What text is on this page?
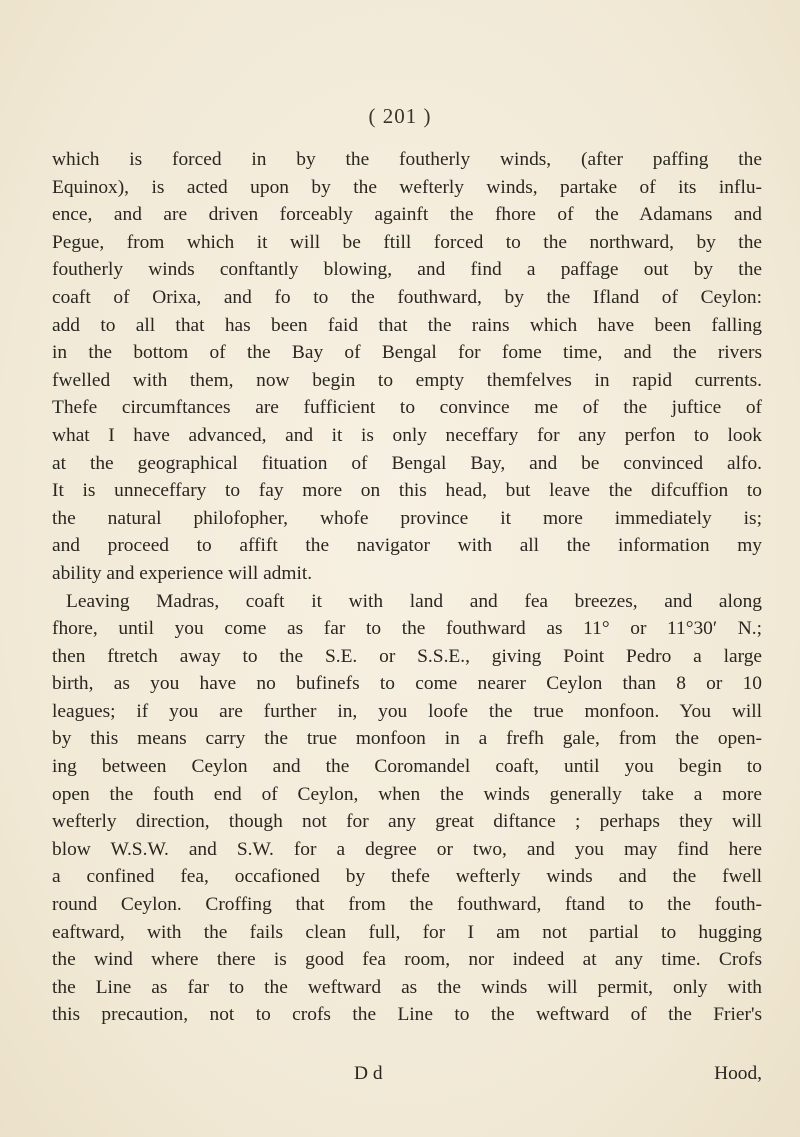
( 201 )
which is forced in by the foutherly winds, (after paffing the
Equinox), is acted upon by the wefterly winds, partake of its influ-
ence, and are driven forceably againft the fhore of the Adamans and
Pegue, from which it will be ftill forced to the northward, by the
foutherly winds conftantly blowing, and find a paffage out by the
coaft of Orixa, and fo to the fouthward, by the Ifland of Ceylon:
add to all that has been faid that the rains which have been falling
in the bottom of the Bay of Bengal for fome time, and the rivers
fwelled with them, now begin to empty themfelves in rapid currents.
Thefe circumftances are fufficient to convince me of the juftice of
what I have advanced, and it is only neceffary for any perfon to look
at the geographical fituation of Bengal Bay, and be convinced alfo.
It is unneceffary to fay more on this head, but leave the difcuffion to
the natural philofopher, whofe province it more immediately is;
and proceed to affift the navigator with all the information my
ability and experience will admit.
Leaving Madras, coaft it with land and fea breezes, and along
fhore, until you come as far to the fouthward as 11° or 11°30′ N.;
then ftretch away to the S.E. or S.S.E., giving Point Pedro a large
birth, as you have no bufinefs to come nearer Ceylon than 8 or 10
leagues; if you are further in, you loofe the true monfoon. You will
by this means carry the true monfoon in a frefh gale, from the open-
ing between Ceylon and the Coromandel coaft, until you begin to
open the fouth end of Ceylon, when the winds generally take a more
wefterly direction, though not for any great diftance ; perhaps they will
blow W.S.W. and S.W. for a degree or two, and you may find here
a confined fea, occafioned by thefe wefterly winds and the fwell
round Ceylon. Croffing that from the fouthward, ftand to the fouth-
eaftward, with the fails clean full, for I am not partial to hugging
the wind where there is good fea room, nor indeed at any time. Crofs
the Line as far to the weftward as the winds will permit, only with
this precaution, not to crofs the Line to the weftward of the Frier's
D d	Hood,
